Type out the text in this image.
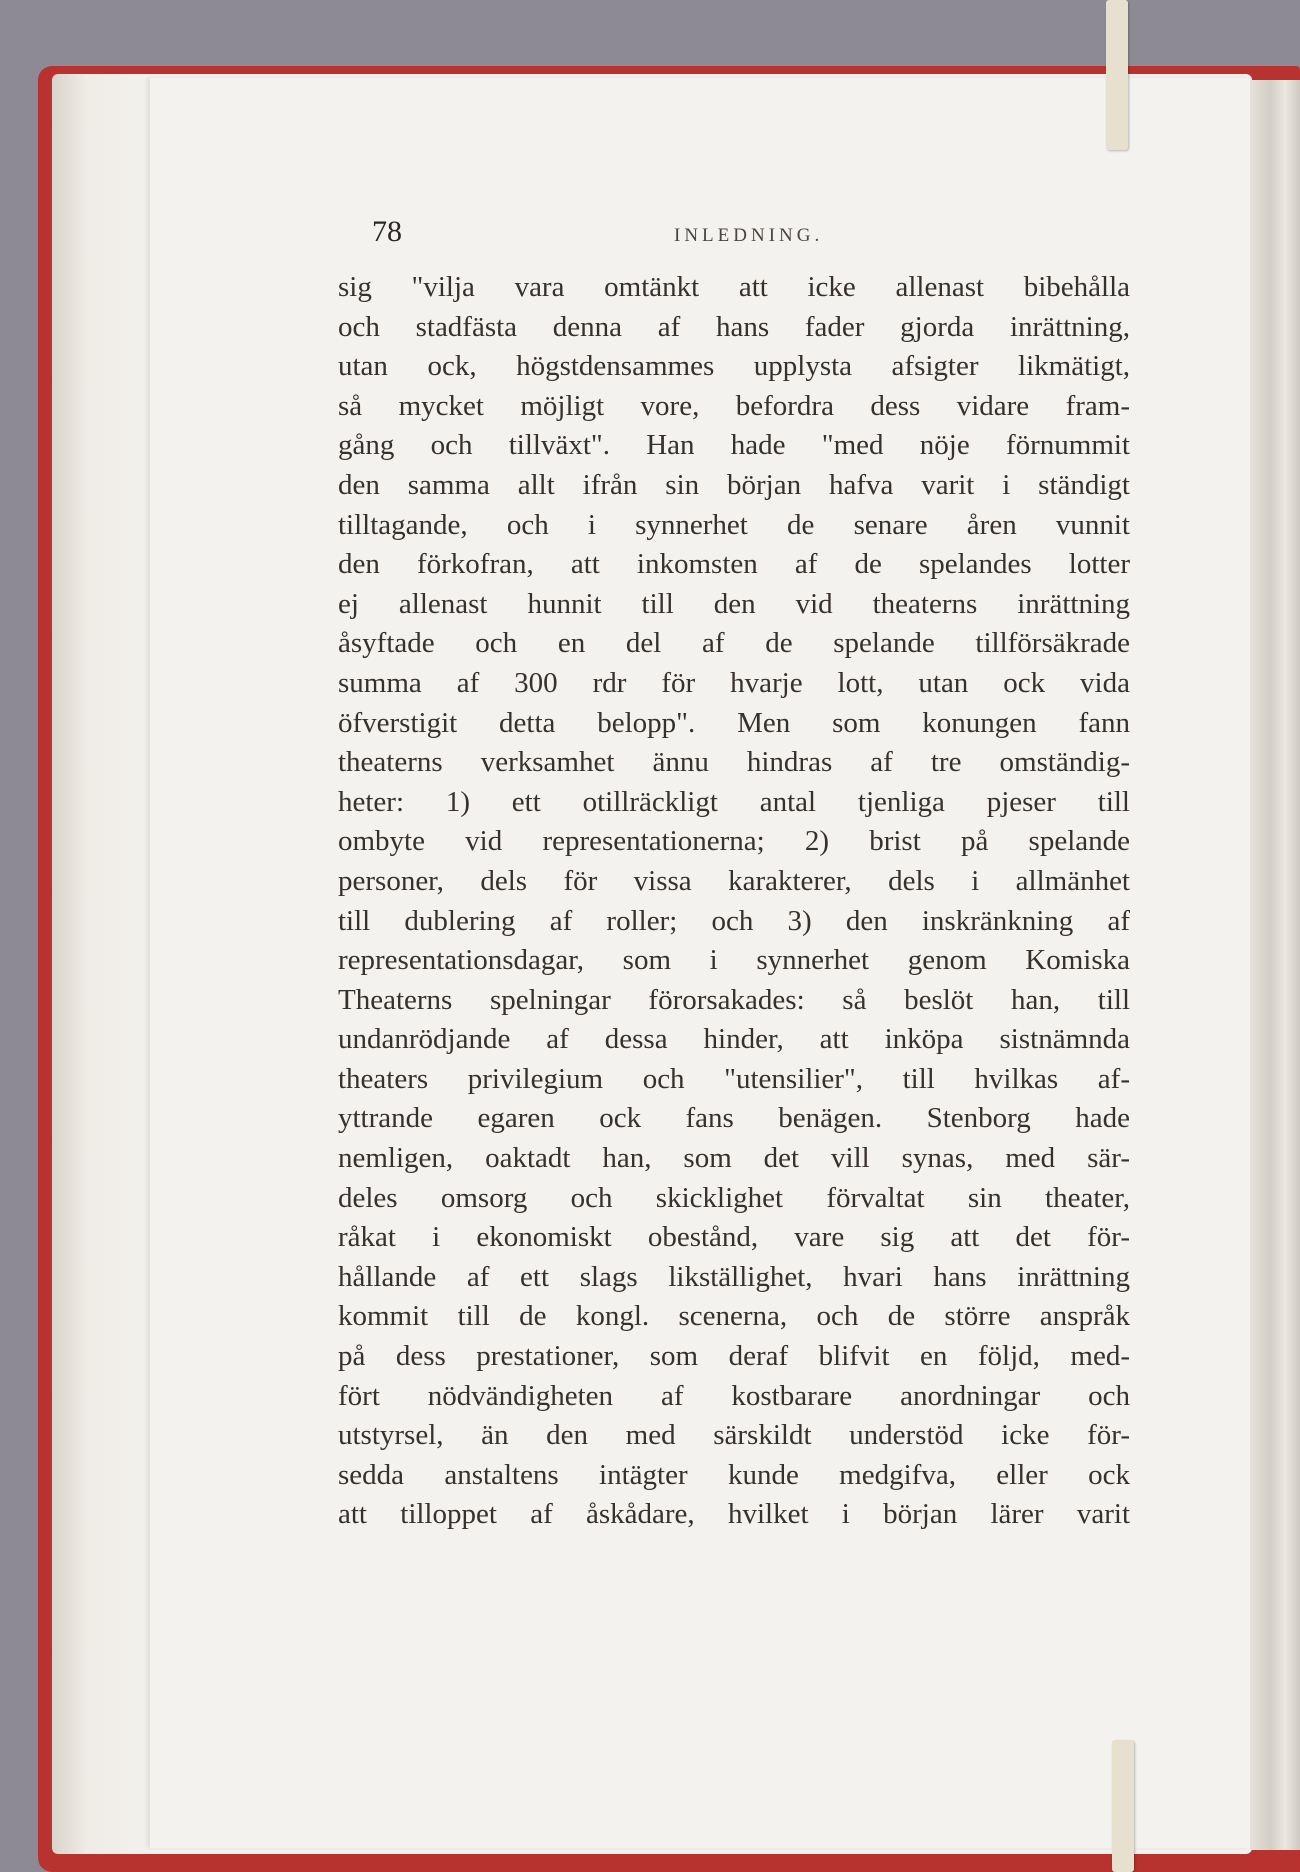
78	INLEDNING.
sig "vilja vara omtänkt att icke allenast bibehålla
och stadfästa denna af hans fader gjorda inrättning,
utan ock, högstdensammes upplysta afsigter likmätigt,
så mycket möjligt vore, befordra dess vidare fram-
gång och tillväxt". Han hade "med nöje förnummit
den samma allt ifrån sin början hafva varit i ständigt
tilltagande, och i synnerhet de senare åren vunnit
den förkofran, att inkomsten af de spelandes lotter
ej allenast hunnit till den vid theaterns inrättning
åsyftade och en del af de spelande tillförsäkrade
summa af 300 rdr för hvarje lott, utan ock vida
öfverstigit detta belopp". Men som konungen fann
theaterns verksamhet ännu hindras af tre omständig-
heter: 1) ett otillräckligt antal tjenliga pjeser till
ombyte vid representationerna; 2) brist på spelande
personer, dels för vissa karakterer, dels i allmänhet
till dublering af roller; och 3) den inskränkning af
representationsdagar, som i synnerhet genom Komiska
Theaterns spelningar förorsakades: så beslöt han, till
undanrödjande af dessa hinder, att inköpa sistnämnda
theaters privilegium och "utensilier", till hvilkas af-
yttrande egaren ock fans benägen. Stenborg hade
nemligen, oaktadt han, som det vill synas, med sär-
deles omsorg och skicklighet förvaltat sin theater,
råkat i ekonomiskt obestånd, vare sig att det för-
hållande af ett slags likställighet, hvari hans inrättning
kommit till de kongl. scenerna, och de större anspråk
på dess prestationer, som deraf blifvit en följd, med-
fört nödvändigheten af kostbarare anordningar och
utstyrsel, än den med särskildt understöd icke för-
sedda anstaltens intägter kunde medgifva, eller ock
att tilloppet af åskådare, hvilket i början lärer varit
